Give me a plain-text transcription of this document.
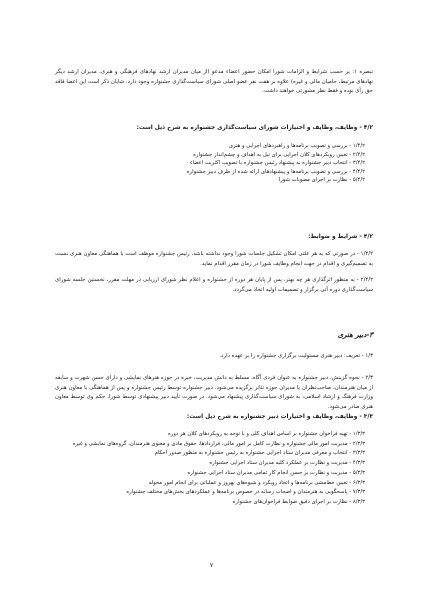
تبصره ۱: بر حسب شرایط و الزامات شورا امکان حضور اعضاء مدعو (از میان مدیران ارشد نهادهای فرهنگی و هنری، مدیران ارشد دیگر نهادهای مرتبط، حامیان مالی و غیره) علاوه بر هفت نفر عضو اصلی شورای سیاست‌گذاری جشنواره وجود دارد. شایان ذکر است این اعضا فاقد حق رأی بوده و فقط نظر مشورتی خواهند داشت.
۴/۲ - وظایف، وظایف و اختیارات شورای سیاست‌گذاری جشنواره به شرح ذیل است:
۱/۴/۲ - بررسی و تصویب برنامه‌ها و راهبردهای اجرایی و هنری
۲/۴/۲ - تعیین رویکردهای کلان اجرایی برای نیل به اهداف و چشم‌انداز جشنواره
۳/۴/۲ - انتخاب دبیر جشنواره به پیشنهاد رئیس جشنواره یا تصویب اکثریت اعضاء
۴/۴/۲ - بررسی و تصویب برنامه‌ها و پیشنهادهای ارائه شده از طرف دبیر جشنواره
۵/۴/۲ - نظارت بر اجرای مصوبات شورا
۴/۲ - شرایط و ضوابط:
۱/۴/۲ - در صورتی که به هر علتی امکان تشکیل جلسات شورا وجود نداشته باشد، رئیس جشنواره موظف است با هماهنگی معاون هنری نسبت به تصمیم‌گیری و اقدام در جهت انجام وظایف شورا در زمان مقرر اقدام نماید.
۲/۴/۲ - به منظور اثرگذاری هر چه بهتر، پس از پایان هر دوره از جشنواره و اعلام نظر شورای ارزیابی در مهلت مقرر، نخستین جلسه شورای سیاست‌گذاری دوره آتی برگزار و تصمیمات اولیه اتخاذ می‌گردد.
۳-دبیر هنری
۱/۳ - تعریف: دبیر هنری مسئولیت برگزاری جشنواره را بر عهده دارد.
۲/۳ - نحوه گزینش، دبیر جشنواره به عنوان فردی آگاه، مسلط به دانش مدیریت، خبره در حوزه هنرهای نمایشی و دارای حسن شهرت و سابقه از میان هنرمندان، صاحب‌نظران یا مدیران حوزه تئاتر برگزیده می‌شود. دبیر جشنواره توسط رئیس جشنواره و پس از هماهنگی با معاون هنری وزارت فرهنگ و ارشاد اسلامی، به شورای سیاست‌گذاری پیشنهاد می‌شود. در صورت تأیید دبیر پیشنهادی توسط شورا، حکم وی توسط معاون هنری صادر می‌شود.
۳/۳ - وظایف، وظایف و اختیارات دبیر جشنواره به شرح ذیل است:
۱/۳/۳ - تهیه فراخوان جشنواره بر اساس اهداف کلی و با توجه به رویکردهای کلان هر دوره
۲/۳/۳ - مدیریت امور مالی جشنواره و نظارت کامل بر امور مالی، قراردادها، حقوق مادی و معنوی هنرمندان، گروه‌های نمایشی و غیره
۳/۳/۳ - انتخاب و معرفی مدیران ستاد اجرایی جشنواره به رئیس جشنواره به منظور صدور احکام
۴/۳/۳ - مدیریت و نظارت بر عملکرد کلیه مدیران ستاد اجرایی جشنواره
۵/۳/۳ - مدیریت و نظارت بر حسن انجام کار تمامی مدیران ستاد اجرایی جشنواره
۶/۳/۳ - تعیین خط‌مشی برنامه‌ها و اتخاذ رویکرد و شیوه‌های بهروز و عملیاتی برای انجام امور محوله
۷/۳/۳ - پاسخگویی به هنرمندان و اصحاب رسانه در خصوص برنامه‌ها و عملکردهای بخش‌های مختلف جشنواره
۸/۳/۳ - نظارت بر اجرای دقیق ضوابط فراخوان‌های جشنواره
۷
